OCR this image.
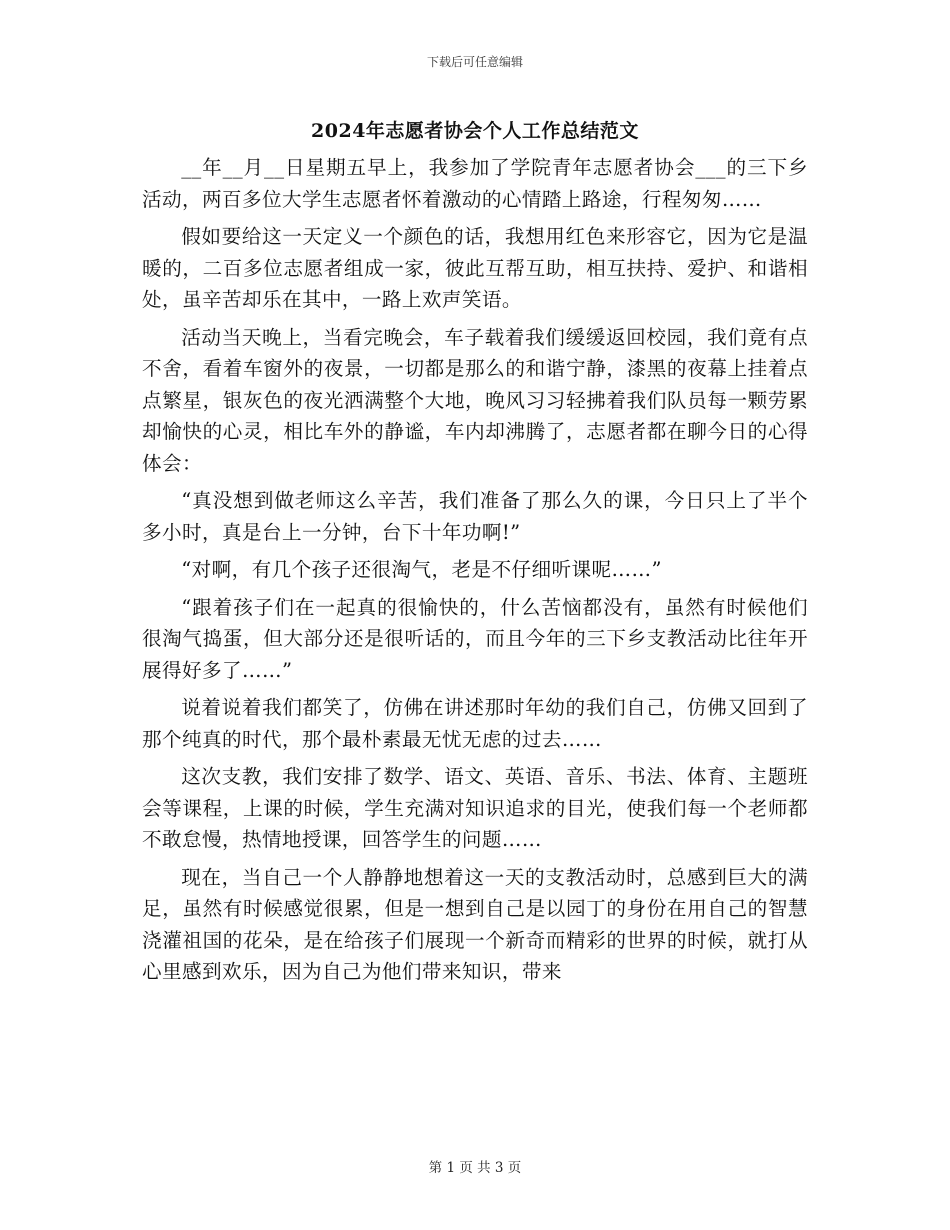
下载后可任意编辑
2024年志愿者协会个人工作总结范文

__年__月__日星期五早上，我参加了学院青年志愿者协会___的三下乡活动，两百多位大学生志愿者怀着激动的心情踏上路途，行程匆匆……

假如要给这一天定义一个颜色的话，我想用红色来形容它，因为它是温暖的，二百多位志愿者组成一家，彼此互帮互助，相互扶持、爱护、和谐相处，虽辛苦却乐在其中，一路上欢声笑语。

活动当天晚上，当看完晚会，车子载着我们缓缓返回校园，我们竟有点不舍，看着车窗外的夜景，一切都是那么的和谐宁静，漆黑的夜幕上挂着点点繁星，银灰色的夜光洒满整个大地，晚风习习轻拂着我们队员每一颗劳累却愉快的心灵，相比车外的静谧，车内却沸腾了，志愿者都在聊今日的心得体会：

“真没想到做老师这么辛苦，我们准备了那么久的课，今日只上了半个多小时，真是台上一分钟，台下十年功啊!”

“对啊，有几个孩子还很淘气，老是不仔细听课呢……”

“跟着孩子们在一起真的很愉快的，什么苦恼都没有，虽然有时候他们很淘气捣蛋，但大部分还是很听话的，而且今年的三下乡支教活动比往年开展得好多了……”

说着说着我们都笑了，仿佛在讲述那时年幼的我们自己，仿佛又回到了那个纯真的时代，那个最朴素最无忧无虑的过去……

这次支教，我们安排了数学、语文、英语、音乐、书法、体育、主题班会等课程，上课的时候，学生充满对知识追求的目光，使我们每一个老师都不敢怠慢，热情地授课，回答学生的问题……

现在，当自己一个人静静地想着这一天的支教活动时，总感到巨大的满足，虽然有时候感觉很累，但是一想到自己是以园丁的身份在用自己的智慧浇灌祖国的花朵，是在给孩子们展现一个新奇而精彩的世界的时候，就打从心里感到欢乐，因为自己为他们带来知识，带来

第 1 页 共 3 页
